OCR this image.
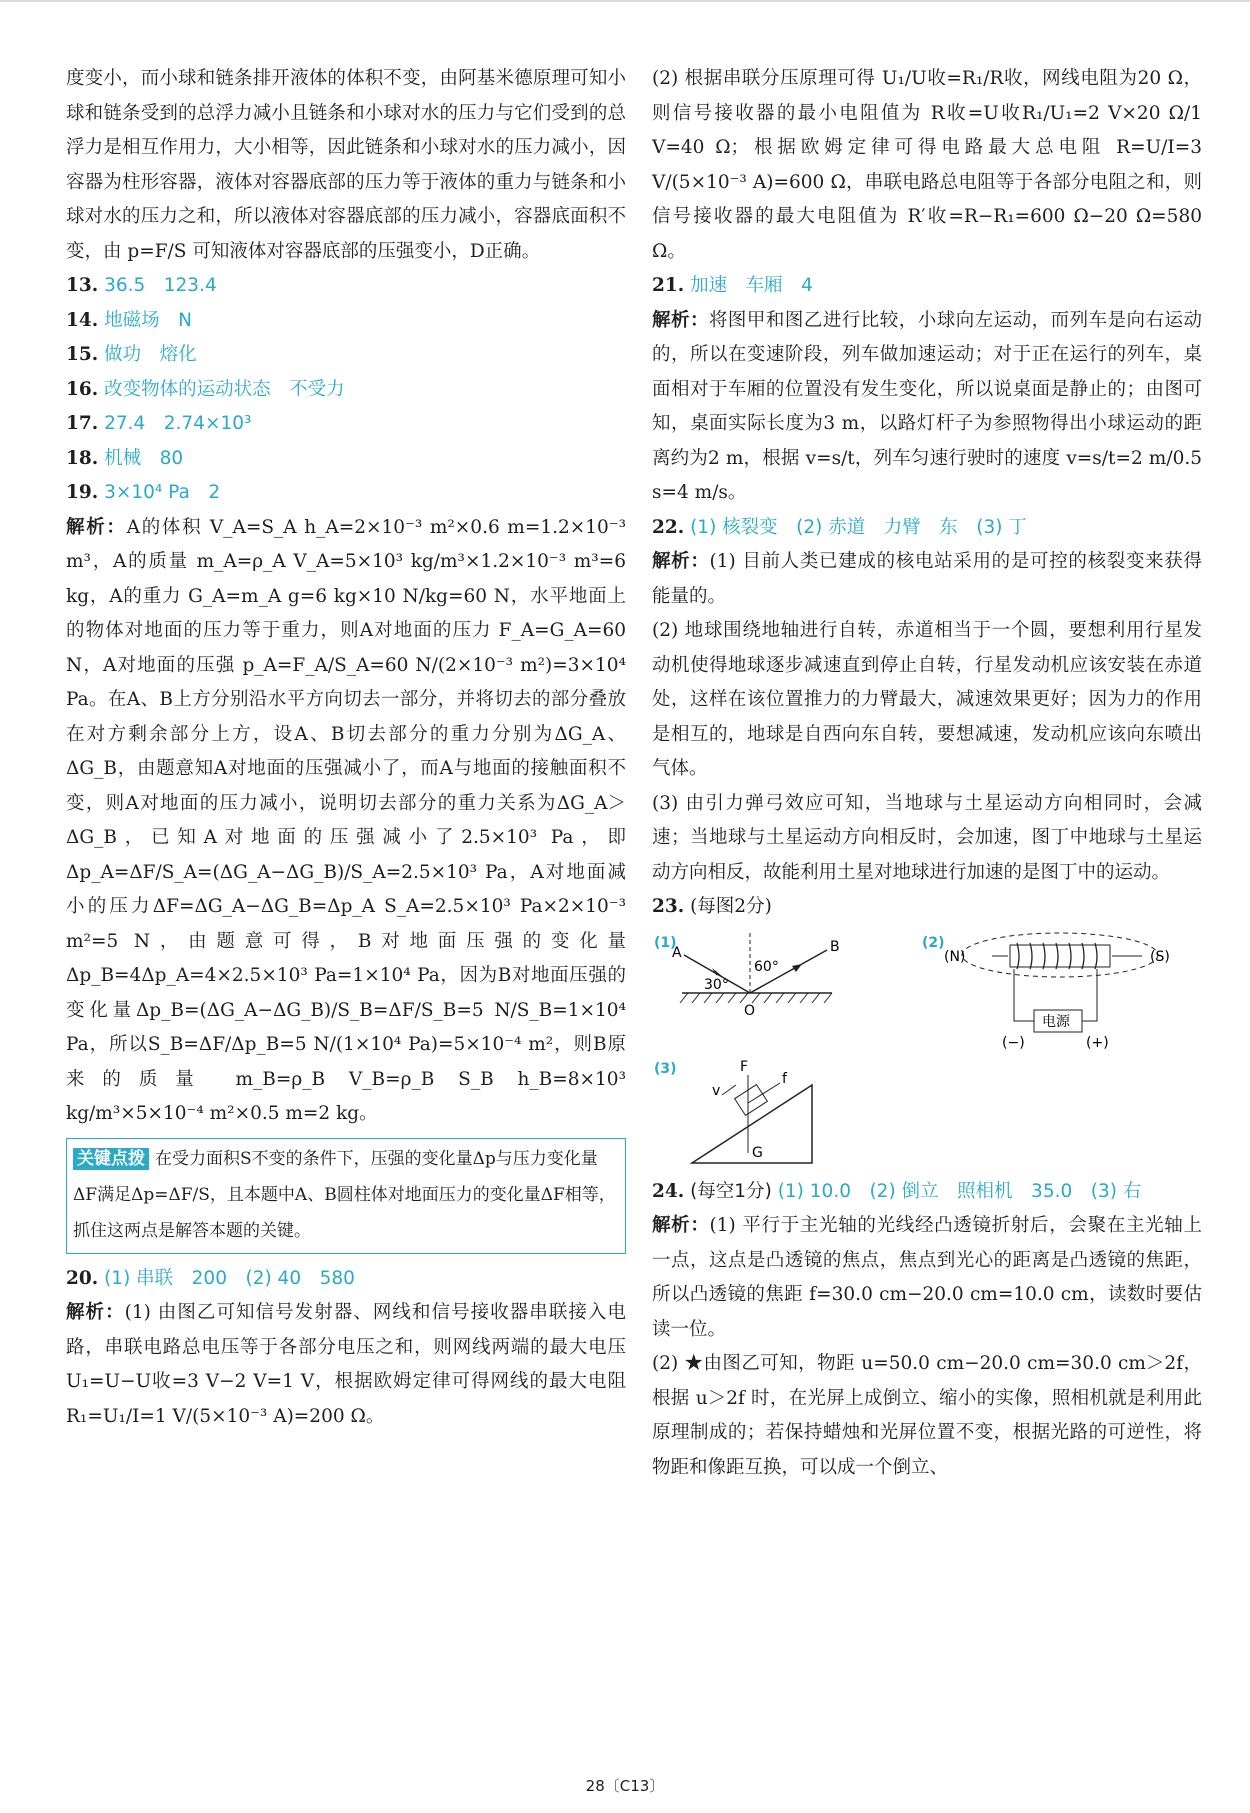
度变小，而小球和链条排开液体的体积不变，由阿基米德原理可知小球和链条受到的总浮力减小且链条和小球对水的压力与它们受到的总浮力是相互作用力，大小相等，因此链条和小球对水的压力减小，因容器为柱形容器，液体对容器底部的压力等于液体的重力与链条和小球对水的压力之和，所以液体对容器底部的压力减小，容器底面积不变，由 p=F/S 可知液体对容器底部的压强变小，D正确。

13. 36.5　123.4
14. 地磁场　N
15. 做功　熔化
16. 改变物体的运动状态　不受力
17. 27.4　2.74×10³
18. 机械　80
19. 3×10⁴ Pa　2

解析：A的体积 V_A=S_A h_A=2×10⁻³ m²×0.6 m=1.2×10⁻³ m³，A的质量 m_A=ρ_A V_A=5×10³ kg/m³×1.2×10⁻³ m³=6 kg，A的重力 G_A=m_A g=6 kg×10 N/kg=60 N，水平地面上的物体对地面的压力等于重力，则A对地面的压力 F_A=G_A=60 N，A对地面的压强 p_A=F_A/S_A=60 N/(2×10⁻³ m²)=3×10⁴ Pa。在A、B上方分别沿水平方向切去一部分，并将切去的部分叠放在对方剩余部分上方，设A、B切去部分的重力分别为ΔG_A、ΔG_B，由题意知A对地面的压强减小了，而A与地面的接触面积不变，则A对地面的压力减小，说明切去部分的重力关系为ΔG_A＞ΔG_B，已知A对地面的压强减小了2.5×10³ Pa，即Δp_A=ΔF/S_A=(ΔG_A−ΔG_B)/S_A=2.5×10³ Pa，A对地面减小的压力ΔF=ΔG_A−ΔG_B=Δp_A S_A=2.5×10³ Pa×2×10⁻³ m²=5 N，由题意可得，B对地面压强的变化量Δp_B=4Δp_A=4×2.5×10³ Pa=1×10⁴ Pa，因为B对地面压强的变化量Δp_B=(ΔG_A−ΔG_B)/S_B=ΔF/S_B=5 N/S_B=1×10⁴ Pa，所以S_B=ΔF/Δp_B=5 N/(1×10⁴ Pa)=5×10⁻⁴ m²，则B原来的质量 m_B=ρ_B V_B=ρ_B S_B h_B=8×10³ kg/m³×5×10⁻⁴ m²×0.5 m=2 kg。

关键点拨 在受力面积S不变的条件下，压强的变化量Δp与压力变化量ΔF满足Δp=ΔF/S，且本题中A、B圆柱体对地面压力的变化量ΔF相等，抓住这两点是解答本题的关键。
20. (1) 串联　200　(2) 40　580

解析：(1) 由图乙可知信号发射器、网线和信号接收器串联接入电路，串联电路总电压等于各部分电压之和，则网线两端的最大电压 U₁=U−U收=3 V−2 V=1 V，根据欧姆定律可得网线的最大电阻 R₁=U₁/I=1 V/(5×10⁻³ A)=200 Ω。

(2) 根据串联分压原理可得 U₁/U收=R₁/R收，网线电阻为20 Ω，则信号接收器的最小电阻值为 R收=U收R₁/U₁=2 V×20 Ω/1 V=40 Ω；根据欧姆定律可得电路最大总电阻 R=U/I=3 V/(5×10⁻³ A)=600 Ω，串联电路总电阻等于各部分电阻之和，则信号接收器的最大电阻值为 R′收=R−R₁=600 Ω−20 Ω=580 Ω。

21. 加速　车厢　4

解析：将图甲和图乙进行比较，小球向左运动，而列车是向右运动的，所以在变速阶段，列车做加速运动；对于正在运行的列车，桌面相对于车厢的位置没有发生变化，所以说桌面是静止的；由图可知，桌面实际长度为3 m，以路灯杆子为参照物得出小球运动的距离约为2 m，根据 v=s/t，列车匀速行驶时的速度 v=s/t=2 m/0.5 s=4 m/s。

22. (1) 核裂变　(2) 赤道　力臂　东　(3) 丁

解析：(1) 目前人类已建成的核电站采用的是可控的核裂变来获得能量的。

(2) 地球围绕地轴进行自转，赤道相当于一个圆，要想利用行星发动机使得地球逐步减速直到停止自转，行星发动机应该安装在赤道处，这样在该位置推力的力臂最大，减速效果更好；因为力的作用是相互的，地球是自西向东自转，要想减速，发动机应该向东喷出气体。

(3) 由引力弹弓效应可知，当地球与土星运动方向相同时，会减速；当地球与土星运动方向相反时，会加速，图丁中地球与土星运动方向相反，故能利用土星对地球进行加速的是图丁中的运动。

23. (每图2分)
(1)
A	B
O
30°
60°
(2)
(N)	(S)
电源
(−)	(+)
(3)	F
v
f
G
24. (每空1分) (1) 10.0　(2) 倒立　照相机　35.0　(3) 右

解析：(1) 平行于主光轴的光线经凸透镜折射后，会聚在主光轴上一点，这点是凸透镜的焦点，焦点到光心的距离是凸透镜的焦距，所以凸透镜的焦距 f=30.0 cm−20.0 cm=10.0 cm，读数时要估读一位。

(2) ★由图乙可知，物距 u=50.0 cm−20.0 cm=30.0 cm＞2f，根据 u＞2f 时，在光屏上成倒立、缩小的实像，照相机就是利用此原理制成的；若保持蜡烛和光屏位置不变，根据光路的可逆性，将物距和像距互换，可以成一个倒立、

28〔C13〕
